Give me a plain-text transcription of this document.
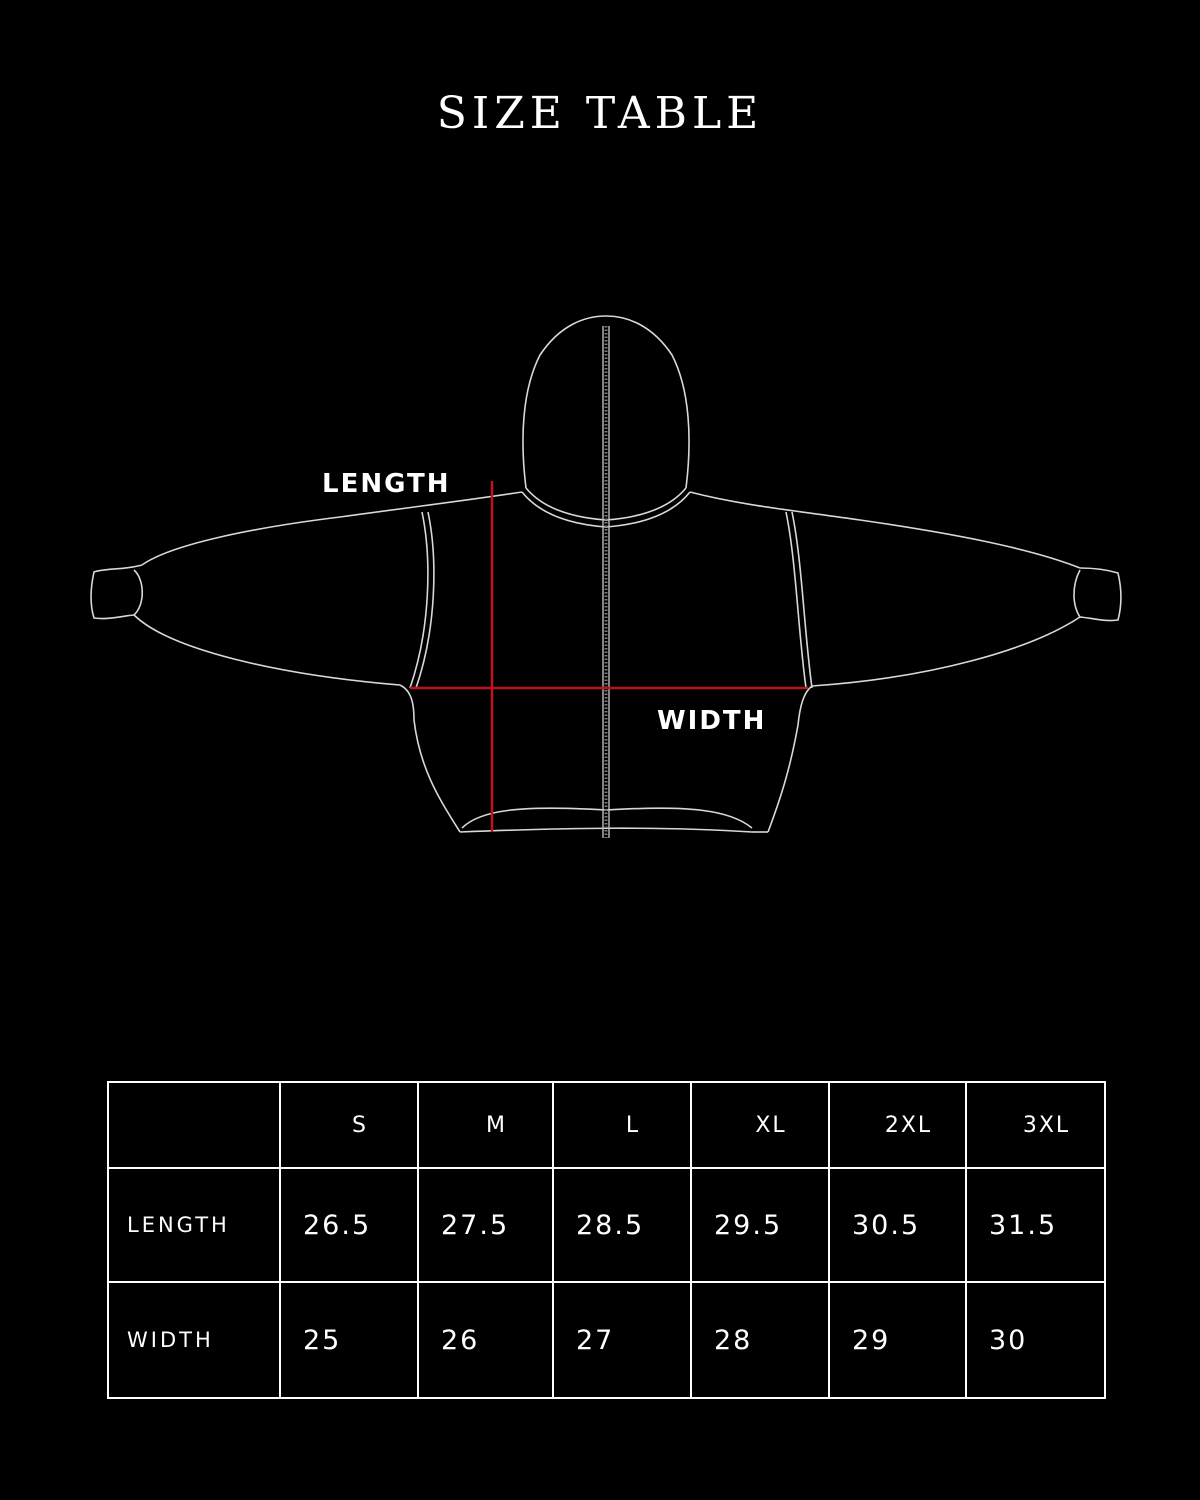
SIZE TABLE
LENGTH
WIDTH
	S	M	L	XL	2XL	3XL
LENGTH	26.5	27.5	28.5	29.5	30.5	31.5
WIDTH	25	26	27	28	29	30
